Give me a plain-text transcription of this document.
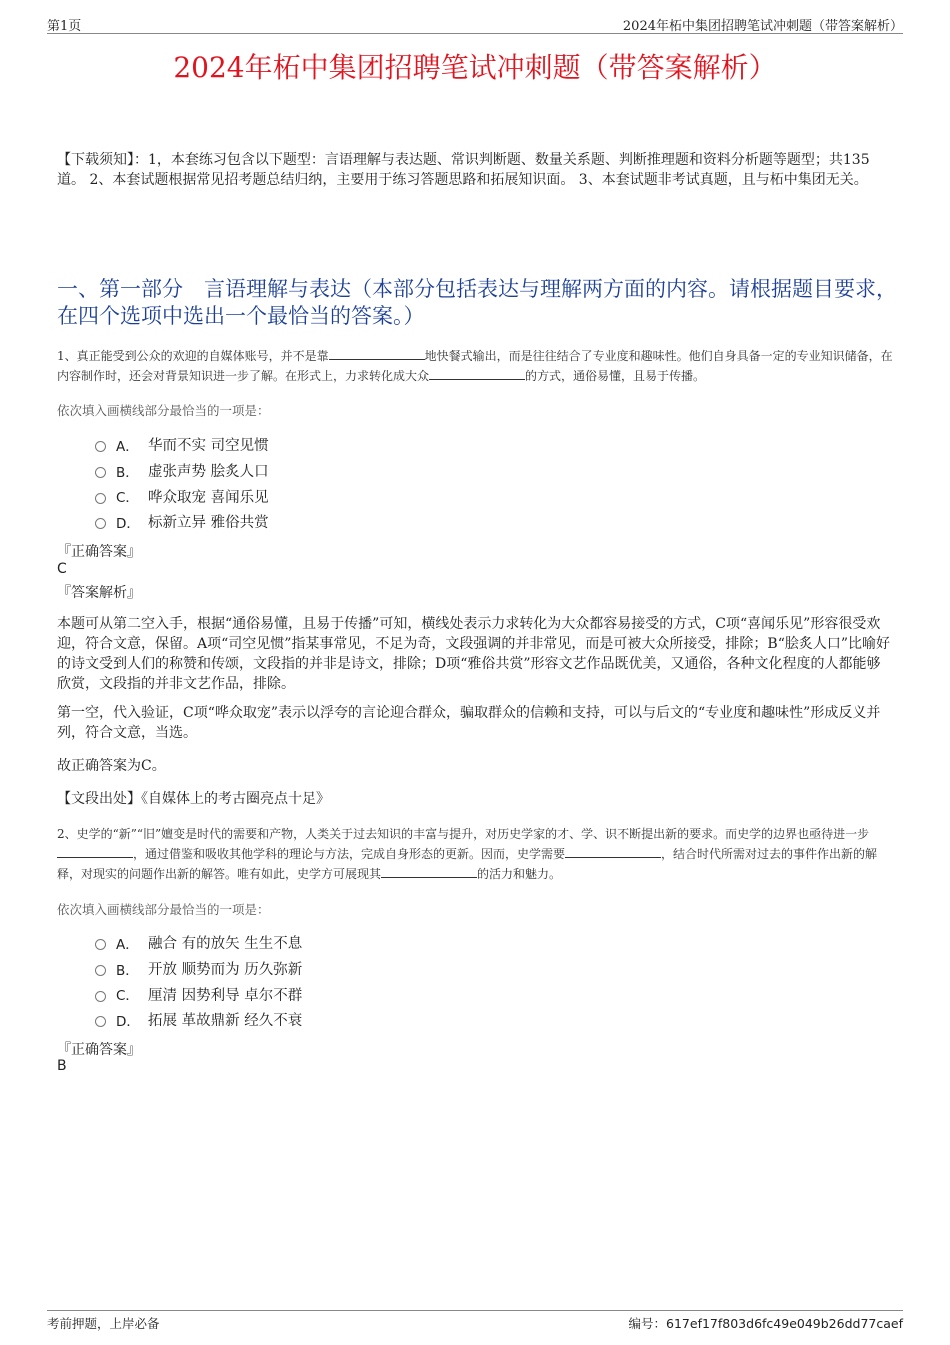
第1页	2024年柘中集团招聘笔试冲刺题（带答案解析）
2024年柘中集团招聘笔试冲刺题（带答案解析）
【下载须知】：1，本套练习包含以下题型：言语理解与表达题、常识判断题、数量关系题、判断推理题和资料分析题等题型；共135道。 2、本套试题根据常见招考题总结归纳，主要用于练习答题思路和拓展知识面。 3、本套试题非考试真题，且与柘中集团无关。
一、第一部分　言语理解与表达（本部分包括表达与理解两方面的内容。请根据题目要求，在四个选项中选出一个最恰当的答案。）
1、真正能受到公众的欢迎的自媒体账号，并不是靠	地快餐式输出，而是往往结合了专业度和趣味性。他们自身具备一定的专业知识储备，在内容制作时，还会对背景知识进一步了解。在形式上，力求转化成大众	的方式，通俗易懂，且易于传播。
依次填入画横线部分最恰当的一项是：
A． 华而不实 司空见惯
B． 虚张声势 脍炙人口
C． 哗众取宠 喜闻乐见
D． 标新立异 雅俗共赏
『正确答案』
C
『答案解析』
本题可从第二空入手，根据“通俗易懂，且易于传播”可知，横线处表示力求转化为大众都容易接受的方式，C项“喜闻乐见”形容很受欢迎，符合文意，保留。A项“司空见惯”指某事常见，不足为奇，文段强调的并非常见，而是可被大众所接受，排除；B“脍炙人口”比喻好的诗文受到人们的称赞和传颂，文段指的并非是诗文，排除；D项“雅俗共赏”形容文艺作品既优美，又通俗，各种文化程度的人都能够欣赏，文段指的并非文艺作品，排除。
第一空，代入验证，C项“哗众取宠”表示以浮夸的言论迎合群众，骗取群众的信赖和支持，可以与后文的“专业度和趣味性”形成反义并列，符合文意，当选。
故正确答案为C。
【文段出处】《自媒体上的考古圈亮点十足》
2、史学的“新”“旧”嬗变是时代的需要和产物，人类关于过去知识的丰富与提升，对历史学家的才、学、识不断提出新的要求。而史学的边界也亟待进一步，通过借鉴和吸收其他学科的理论与方法，完成自身形态的更新。因而，史学需要	，结合时代所需对过去的事件作出新的解释，对现实的问题作出新的解答。唯有如此，史学方可展现其	的活力和魅力。
依次填入画横线部分最恰当的一项是：
A． 融合 有的放矢 生生不息
B． 开放 顺势而为 历久弥新
C． 厘清 因势利导 卓尔不群
D． 拓展 革故鼎新 经久不衰
『正确答案』
B
考前押题，上岸必备	编号：617ef17f803d6fc49e049b26dd77caef
